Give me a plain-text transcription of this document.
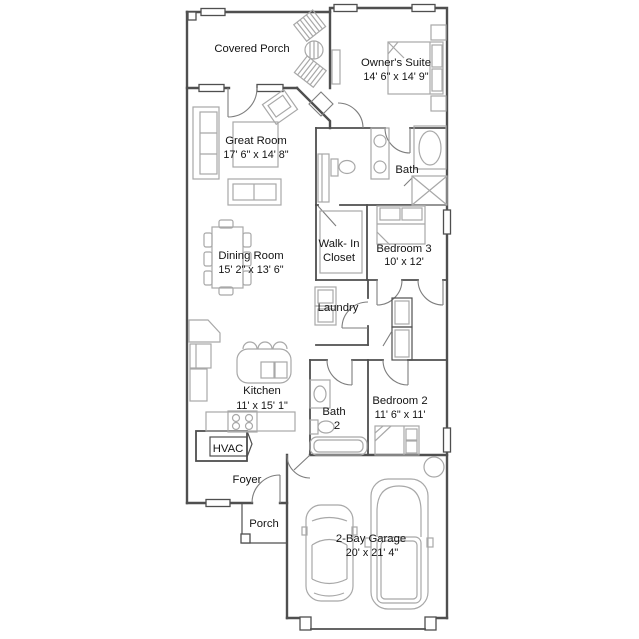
Covered Porch
Owner's Suite
14' 6" x 14' 9"
Great Room
17' 6" x 14' 8"
Bath
Walk- In
Closet
Bedroom 3
10' x 12'
Dining Room
15' 2" x 13' 6"
Laundry
Kitchen
11' x 15' 1"	Bath
2
Bedroom 2
11' 6" x 11'
HVAC
Foyer
Porch
2-Bay Garage
20' x 21' 4"
